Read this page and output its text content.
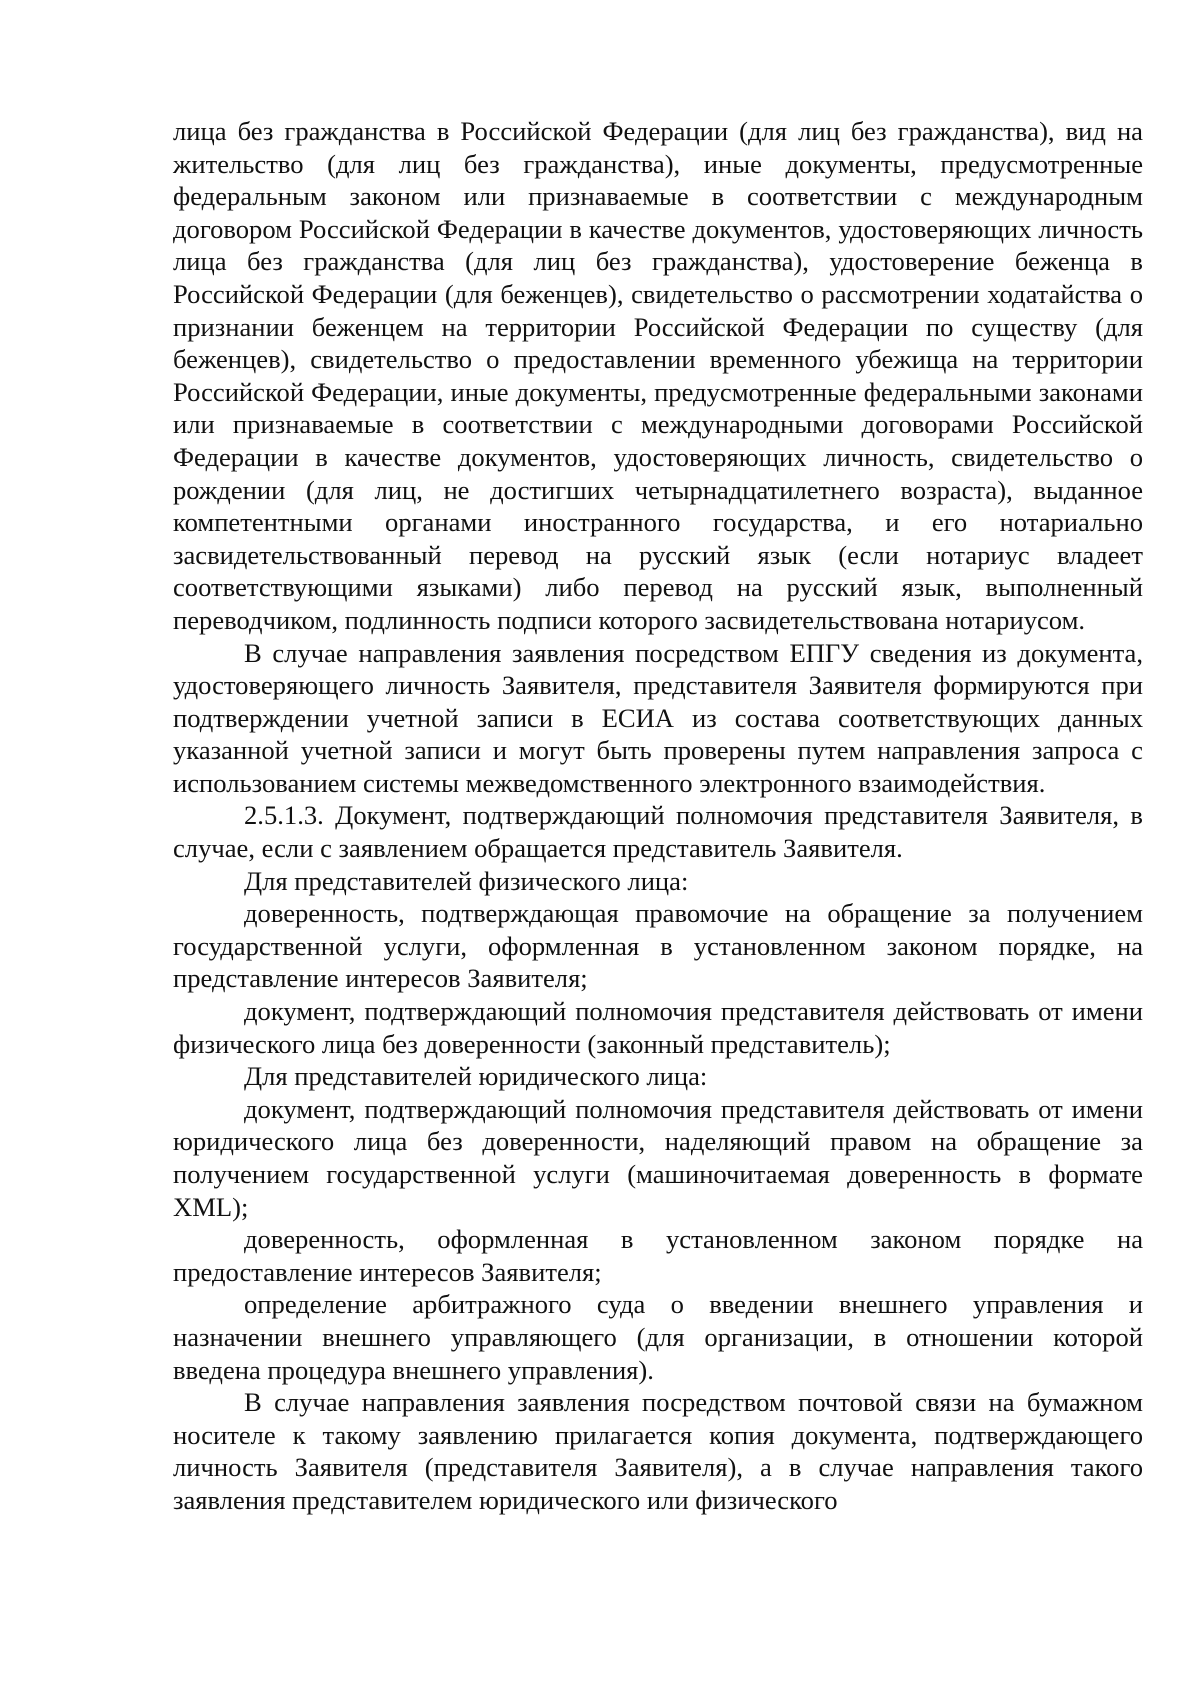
лица без гражданства в Российской Федерации (для лиц без гражданства), вид на жительство (для лиц без гражданства), иные документы, предусмотренные федеральным законом или признаваемые в соответствии с международным договором Российской Федерации в качестве документов, удостоверяющих личность лица без гражданства (для лиц без гражданства), удостоверение беженца в Российской Федерации (для беженцев), свидетельство о рассмотрении ходатайства о признании беженцем на территории Российской Федерации по существу (для беженцев), свидетельство о предоставлении временного убежища на территории Российской Федерации, иные документы, предусмотренные федеральными законами или признаваемые в соответствии с международными договорами Российской Федерации в качестве документов, удостоверяющих личность, свидетельство о рождении (для лиц, не достигших четырнадцатилетнего возраста), выданное компетентными органами иностранного государства, и его нотариально засвидетельствованный перевод на русский язык (если нотариус владеет соответствующими языками) либо перевод на русский язык, выполненный переводчиком, подлинность подписи которого засвидетельствована нотариусом.

В случае направления заявления посредством ЕПГУ сведения из документа, удостоверяющего личность Заявителя, представителя Заявителя формируются при подтверждении учетной записи в ЕСИА из состава соответствующих данных указанной учетной записи и могут быть проверены путем направления запроса с использованием системы межведомственного электронного взаимодействия.

2.5.1.3. Документ, подтверждающий полномочия представителя Заявителя, в случае, если с заявлением обращается представитель Заявителя.

Для представителей физического лица:

доверенность, подтверждающая правомочие на обращение за получением государственной услуги, оформленная в установленном законом порядке, на представление интересов Заявителя;

документ, подтверждающий полномочия представителя действовать от имени физического лица без доверенности (законный представитель);

Для представителей юридического лица:

документ, подтверждающий полномочия представителя действовать от имени юридического лица без доверенности, наделяющий правом на обращение за получением государственной услуги (машиночитаемая доверенность в формате XML);

доверенность, оформленная в установленном законом порядке на предоставление интересов Заявителя;

определение арбитражного суда о введении внешнего управления и назначении внешнего управляющего (для организации, в отношении которой введена процедура внешнего управления).

В случае направления заявления посредством почтовой связи на бумажном носителе к такому заявлению прилагается копия документа, подтверждающего личность Заявителя (представителя Заявителя), а в случае направления такого заявления представителем юридического или физического
